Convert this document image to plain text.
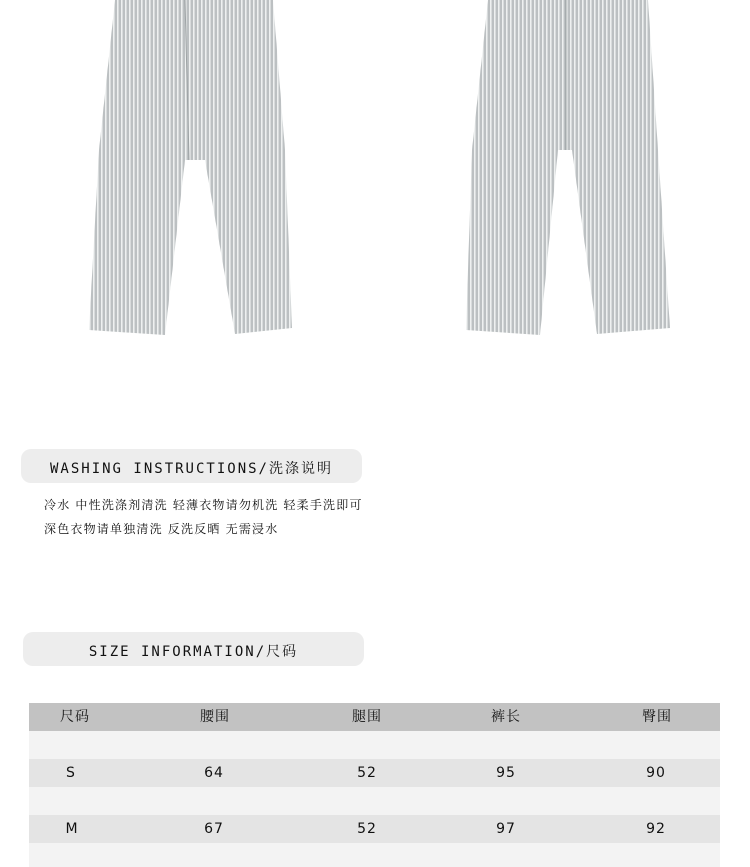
WASHING INSTRUCTIONS/洗涤说明
冷水 中性洗涤剂清洗 轻薄衣物请勿机洗 轻柔手洗即可
深色衣物请单独清洗 反洗反晒 无需浸水
SIZE INFORMATION/尺码
尺码	腰围	腿围	裤长	臀围
S	64	52	95	90
M	67	52	97	92
